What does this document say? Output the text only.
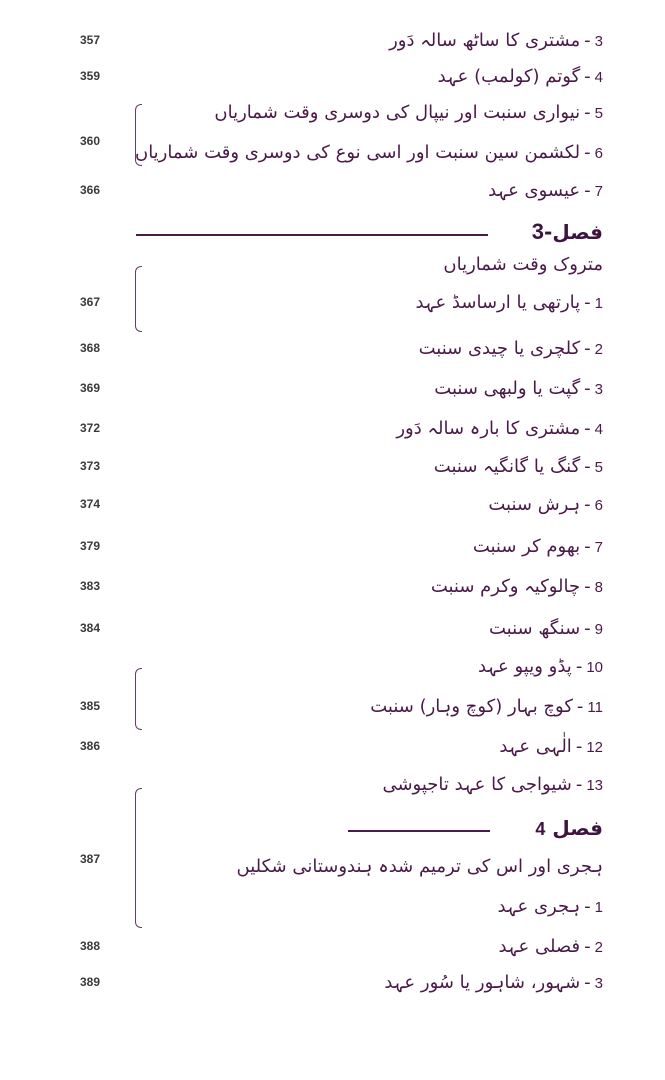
3-مشتری کا ساٹھ سالہ دَور
357
4-گوتم (کولمب) عہد
359
5-نیواری سنبت اور نیپال کی دوسری وقت شماریاں
6-لکشمن سین سنبت اور اسی نوع کی دوسری وقت شماریاں
7-عیسوی عہد
366
1-پارتھی یا ارساسڈ عہد
367
2-کلچری یا چیدی سنبت
368
3-گپت یا ولبھی سنبت
369
4-مشتری کا بارہ سالہ دَور
372
5-گنگ یا گانگیہ سنبت
373
6-ہرش سنبت
374
7-بھوم کر سنبت
379
8-چالوکیہ وکرم سنبت
383
9-سنگھ سنبت
384
10-پڈو ویپو عہد
11-کوچ بہار (کوچ وہار) سنبت
385
12-الٰہی عہد
386
13-شیواجی کا عہد تاجپوشی
1-ہجری عہد
2-فصلی عہد
388
3-شہور، شاہور یا سُور عہد
389
فصل-3
متروک وقت شماریاں
360
فصل 4
ہجری اور اس کی ترمیم شدہ ہندوستانی شکلیں
387
